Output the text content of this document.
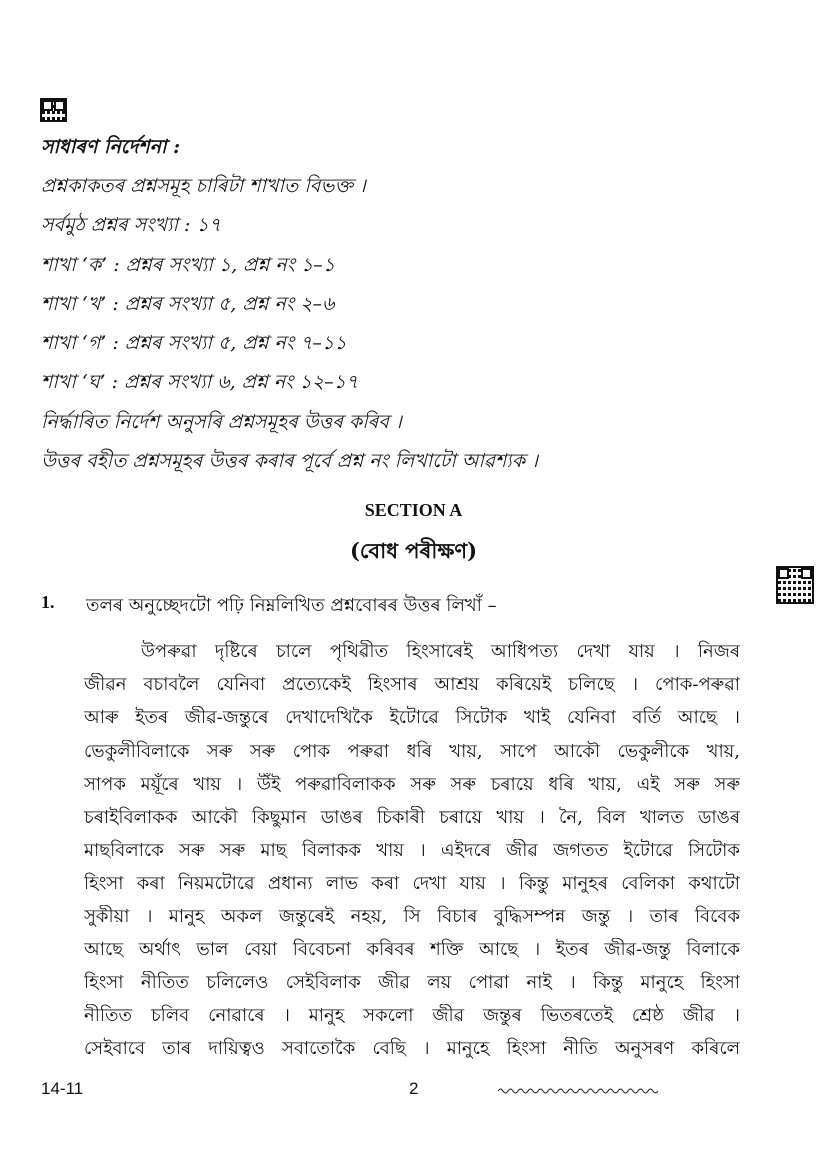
সাধাৰণ নিৰ্দেশনা :
প্ৰশ্নকাকতৰ প্ৰশ্নসমূহ চাৰিটা শাখাত বিভক্ত ।
সৰ্বমুঠ প্ৰশ্নৰ সংখ্যা : ১৭
শাখা ‘ক’ : প্ৰশ্নৰ সংখ্যা ১, প্ৰশ্ন নং ১–১
শাখা ‘খ’ : প্ৰশ্নৰ সংখ্যা ৫, প্ৰশ্ন নং ২–৬
শাখা ‘গ’ : প্ৰশ্নৰ সংখ্যা ৫, প্ৰশ্ন নং ৭–১১
শাখা ‘ঘ’ : প্ৰশ্নৰ সংখ্যা ৬, প্ৰশ্ন নং ১২–১৭
নিৰ্দ্ধাৰিত নিৰ্দেশ অনুসৰি প্ৰশ্নসমূহৰ উত্তৰ কৰিব ।
উত্তৰ বহীত প্ৰশ্নসমূহৰ উত্তৰ কৰাৰ পূৰ্বে প্ৰশ্ন নং লিখাটো আৱশ্যক ।
SECTION A
(বোধ পৰীক্ষণ)
1. তলৰ অনুচ্ছেদটো পঢ়ি নিম্নলিখিত প্ৰশ্নবোৰৰ উত্তৰ লিখাঁ –
উপৰুৱা দৃষ্টিৰে চালে পৃথিৱীত হিংসাৰেই আধিপত্য দেখা যায় । নিজৰ
জীৱন বচাবলৈ যেনিবা প্ৰত্যেকেই হিংসাৰ আশ্ৰয় কৰিয়েই চলিছে । পোক-পৰুৱা
আৰু ইতৰ জীৱ-জন্তুৰে দেখাদেখিকৈ ইটোৱে সিটোক খাই যেনিবা বৰ্তি আছে ।
ভেকুলীবিলাকে সৰু সৰু পোক পৰুৱা ধৰি খায়, সাপে আকৌ ভেকুলীকে খায়,
সাপক ময়ূঁৰে খায় । উঁই পৰুৱাবিলাকক সৰু সৰু চৰায়ে ধৰি খায়, এই সৰু সৰু
চৰাইবিলাকক আকৌ কিছুমান ডাঙৰ চিকাৰী চৰায়ে খায় । নৈ, বিল খালত ডাঙৰ
মাছবিলাকে সৰু সৰু মাছ বিলাকক খায় । এইদৰে জীৱ জগতত ইটোৱে সিটোক
হিংসা কৰা নিয়মটোৱে প্ৰধান্য লাভ কৰা দেখা যায় । কিন্তু মানুহৰ বেলিকা কথাটো
সুকীয়া । মানুহ অকল জন্তুৰেই নহয়, সি বিচাৰ বুদ্ধিসম্পন্ন জন্তু । তাৰ বিবেক
আছে অৰ্থাৎ ভাল বেয়া বিবেচনা কৰিবৰ শক্তি আছে । ইতৰ জীৱ-জন্তু বিলাকে
হিংসা নীতিত চলিলেও সেইবিলাক জীৱ লয় পোৱা নাই । কিন্তু মানুহে হিংসা
নীতিত চলিব নোৱাৰে । মানুহ সকলো জীৱ জন্তুৰ ভিতৰতেই শ্ৰেষ্ঠ জীৱ ।
সেইবাবে তাৰ দায়িত্বও সবাতোকৈ বেছি । মানুহে হিংসা নীতি অনুসৰণ কৰিলে
14-11	2
